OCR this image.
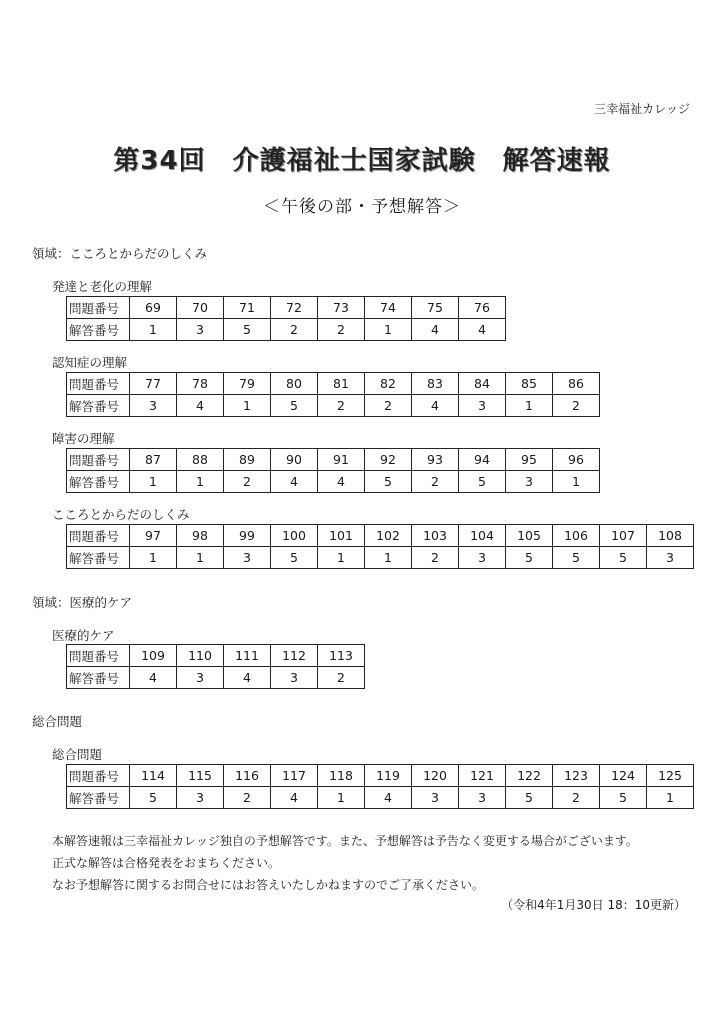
三幸福祉カレッジ
第34回　介護福祉士国家試験　解答速報
＜午後の部・予想解答＞
領域：こころとからだのしくみ
発達と老化の理解
問題番号	69	70	71	72	73	74	75	76
解答番号	1	3	5	2	2	1	4	4
認知症の理解
問題番号	77	78	79	80	81	82	83	84	85	86
解答番号	3	4	1	5	2	2	4	3	1	2
障害の理解
問題番号	87	88	89	90	91	92	93	94	95	96
解答番号	1	1	2	4	4	5	2	5	3	1
こころとからだのしくみ
問題番号	97	98	99	100	101	102	103	104	105	106	107	108
解答番号	1	1	3	5	1	1	2	3	5	5	5	3
領域：医療的ケア
医療的ケア
問題番号	109	110	111	112	113
解答番号	4	3	4	3	2
総合問題
総合問題
問題番号	114	115	116	117	118	119	120	121	122	123	124	125
解答番号	5	3	2	4	1	4	3	3	5	2	5	1
本解答速報は三幸福祉カレッジ独自の予想解答です。また、予想解答は予告なく変更する場合がございます。
正式な解答は合格発表をおまちください。
なお予想解答に関するお問合せにはお答えいたしかねますのでご了承ください。
（令和4年1月30日 18：10更新）
